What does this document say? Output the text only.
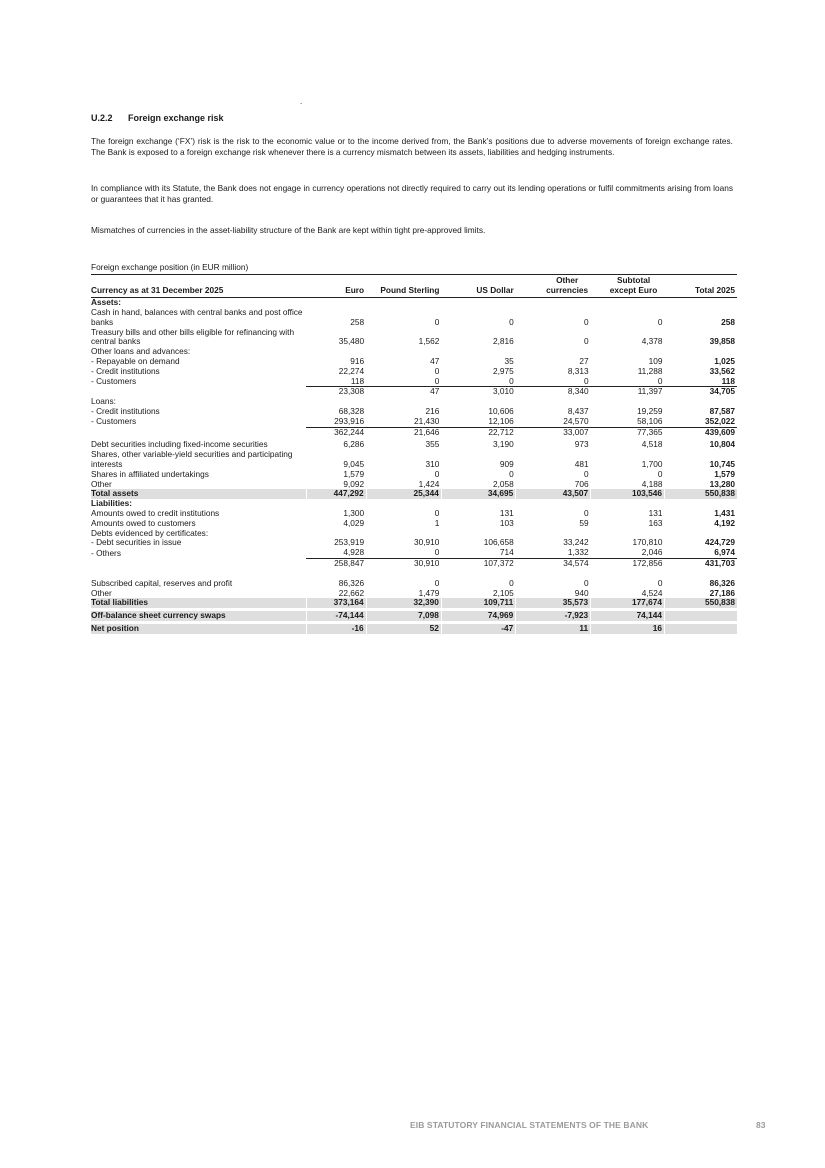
.
U.2.2 Foreign exchange risk

The foreign exchange (‘FX’) risk is the risk to the economic value or to the income derived from, the Bank’s positions due to adverse movements of foreign exchange rates. The Bank is exposed to a foreign exchange risk whenever there is a currency mismatch between its assets, liabilities and hedging instruments.

In compliance with its Statute, the Bank does not engage in currency operations not directly required to carry out its lending operations or fulfil commitments arising from loans or guarantees that it has granted.

Mismatches of currencies in the asset-liability structure of the Bank are kept within tight pre-approved limits.

Foreign exchange position (in EUR million)
Currency as at 31 December 2025	Euro	Pound Sterling	US Dollar	Other currencies	Subtotal except Euro	Total 2025
Assets:						
Cash in hand, balances with central banks and post office banks	258	0	0	0	0	258
Treasury bills and other bills eligible for refinancing with central banks	35,480	1,562	2,816	0	4,378	39,858
Other loans and advances:						
- Repayable on demand	916	47	35	27	109	1,025
- Credit institutions	22,274	0	2,975	8,313	11,288	33,562
- Customers	118	0	0	0	0	118
	23,308	47	3,010	8,340	11,397	34,705
Loans:						
- Credit institutions	68,328	216	10,606	8,437	19,259	87,587
- Customers	293,916	21,430	12,106	24,570	58,106	352,022
	362,244	21,646	22,712	33,007	77,365	439,609

Debt securities including fixed-income securities	6,286	355	3,190	973	4,518	10,804
Shares, other variable-yield securities and participating interests	9,045	310	909	481	1,700	10,745
Shares in affiliated undertakings	1,579	0	0	0	0	1,579
Other	9,092	1,424	2,058	706	4,188	13,280
Total assets	447,292	25,344	34,695	43,507	103,546	550,838
Liabilities:						
Amounts owed to credit institutions	1,300	0	131	0	131	1,431
Amounts owed to customers	4,029	1	103	59	163	4,192
Debts evidenced by certificates:						
- Debt securities in issue	253,919	30,910	106,658	33,242	170,810	424,729
- Others	4,928	0	714	1,332	2,046	6,974
	258,847	30,910	107,372	34,574	172,856	431,703

Subscribed capital, reserves and profit	86,326	0	0	0	0	86,326
Other	22,662	1,479	2,105	940	4,524	27,186
Total liabilities	373,164	32,390	109,711	35,573	177,674	550,838

Off-balance sheet currency swaps	-74,144	7,098	74,969	-7,923	74,144	

Net position	-16	52	-47	11	16	
EIB STATUTORY FINANCIAL STATEMENTS OF THE BANK	83
